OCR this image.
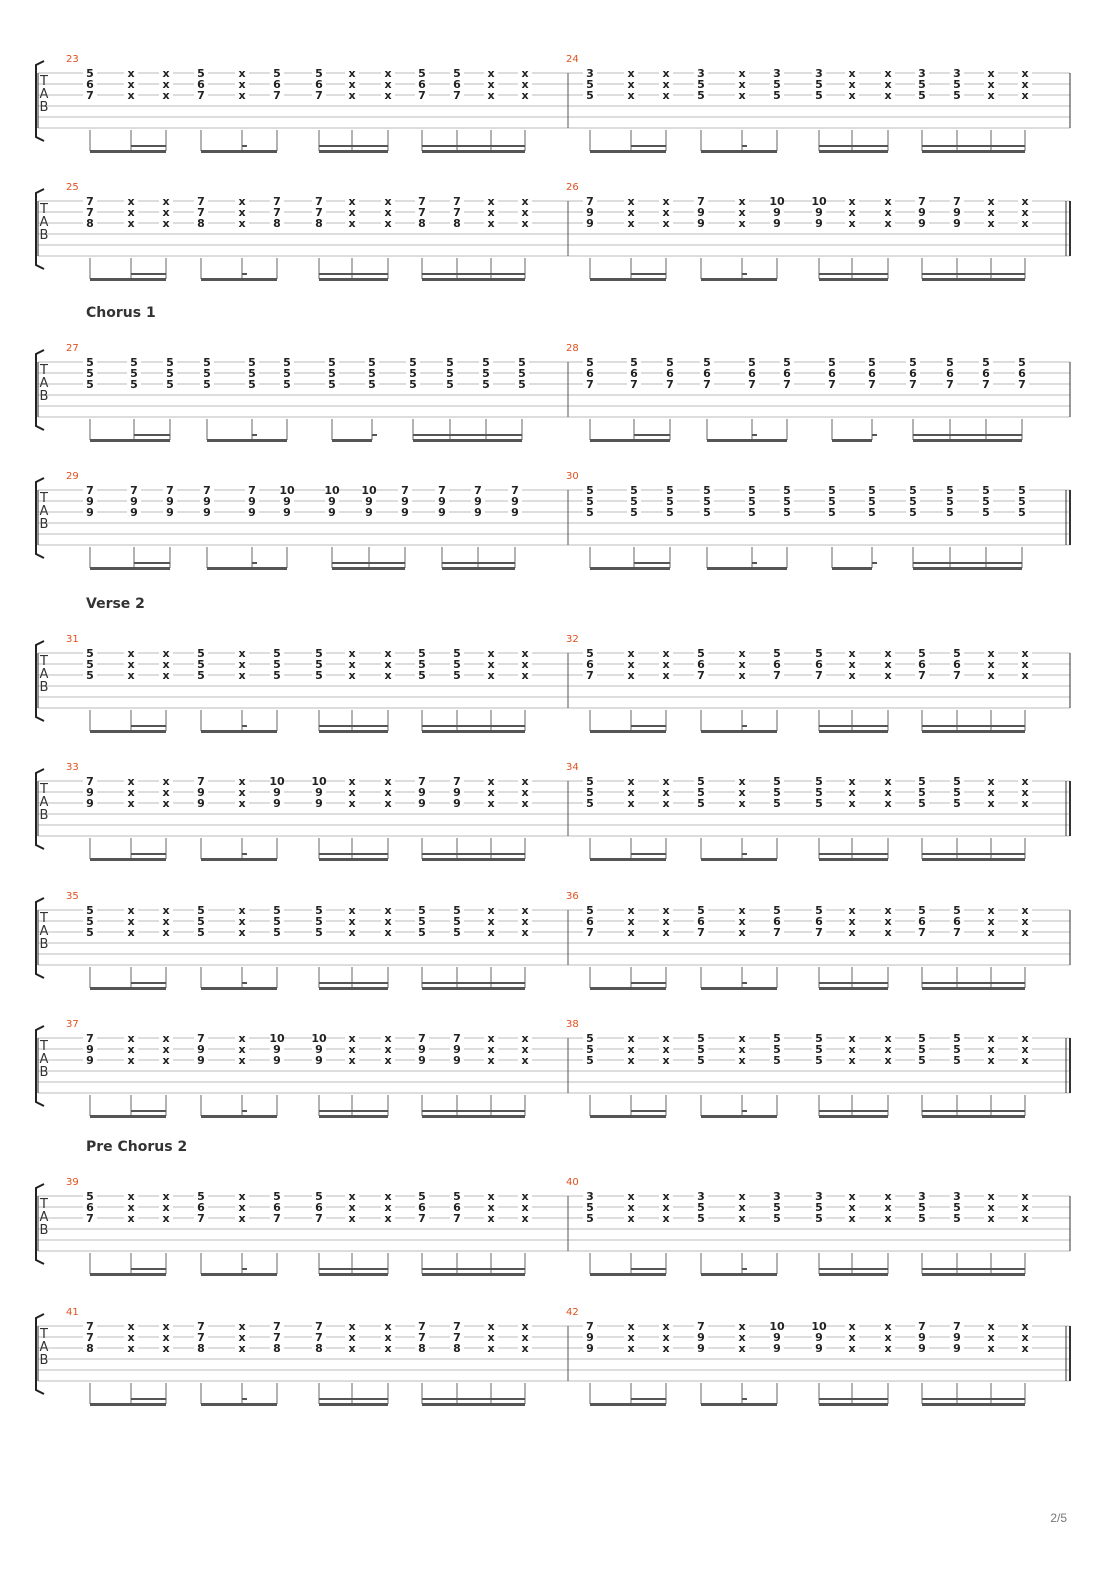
T
A
B
23
5
6
7
x
x
x
x
x
x
5
6
7
x
x
x
5
6
7
5
6
7
x
x
x
x
x
x
5
6
7
5
6
7
x
x
x
x
x
x
24
3
5
5
x
x
x
x
x
x
3
5
5
x
x
x
3
5
5
3
5
5
x
x
x
x
x
x
3
5
5
3
5
5
x
x
x
x
x
x
T
A
B
25
7
7
8
x
x
x
x
x
x
7
7
8
x
x
x
7
7
8
7
7
8
x
x
x
x
x
x
7
7
8
7
7
8
x
x
x
x
x
x
26
7
9
9
x
x
x
x
x
x
7
9
9
x
x
x
10
9
9
10
9
9
x
x
x
x
x
x
7
9
9
7
9
9
x
x
x
x
x
x
Chorus 1
T
A
B
27
5
5
5
5
5
5
5
5
5
5
5
5
5
5
5
5
5
5
5
5
5
5
5
5
5
5
5
5
5
5
5
5
5
5
5
5
28
5
6
7
5
6
7
5
6
7
5
6
7
5
6
7
5
6
7
5
6
7
5
6
7
5
6
7
5
6
7
5
6
7
5
6
7
T
A
B
29
7
9
9
7
9
9
7
9
9
7
9
9
7
9
9
10
9
9
10
9
9
10
9
9
7
9
9
7
9
9
7
9
9
7
9
9
30
5
5
5
5
5
5
5
5
5
5
5
5
5
5
5
5
5
5
5
5
5
5
5
5
5
5
5
5
5
5
5
5
5
5
5
5
Verse 2
T
A
B
31
5
5
5
x
x
x
x
x
x
5
5
5
x
x
x
5
5
5
5
5
5
x
x
x
x
x
x
5
5
5
5
5
5
x
x
x
x
x
x
32
5
6
7
x
x
x
x
x
x
5
6
7
x
x
x
5
6
7
5
6
7
x
x
x
x
x
x
5
6
7
5
6
7
x
x
x
x
x
x
T
A
B
33
7
9
9
x
x
x
x
x
x
7
9
9
x
x
x
10
9
9
10
9
9
x
x
x
x
x
x
7
9
9
7
9
9
x
x
x
x
x
x
34
5
5
5
x
x
x
x
x
x
5
5
5
x
x
x
5
5
5
5
5
5
x
x
x
x
x
x
5
5
5
5
5
5
x
x
x
x
x
x
T
A
B
35
5
5
5
x
x
x
x
x
x
5
5
5
x
x
x
5
5
5
5
5
5
x
x
x
x
x
x
5
5
5
5
5
5
x
x
x
x
x
x
36
5
6
7
x
x
x
x
x
x
5
6
7
x
x
x
5
6
7
5
6
7
x
x
x
x
x
x
5
6
7
5
6
7
x
x
x
x
x
x
T
A
B
37
7
9
9
x
x
x
x
x
x
7
9
9
x
x
x
10
9
9
10
9
9
x
x
x
x
x
x
7
9
9
7
9
9
x
x
x
x
x
x
38
5
5
5
x
x
x
x
x
x
5
5
5
x
x
x
5
5
5
5
5
5
x
x
x
x
x
x
5
5
5
5
5
5
x
x
x
x
x
x
Pre Chorus 2
T
A
B
39
5
6
7
x
x
x
x
x
x
5
6
7
x
x
x
5
6
7
5
6
7
x
x
x
x
x
x
5
6
7
5
6
7
x
x
x
x
x
x
40
3
5
5
x
x
x
x
x
x
3
5
5
x
x
x
3
5
5
3
5
5
x
x
x
x
x
x
3
5
5
3
5
5
x
x
x
x
x
x
T
A
B
41
7
7
8
x
x
x
x
x
x
7
7
8
x
x
x
7
7
8
7
7
8
x
x
x
x
x
x
7
7
8
7
7
8
x
x
x
x
x
x
42
7
9
9
x
x
x
x
x
x
7
9
9
x
x
x
10
9
9
10
9
9
x
x
x
x
x
x
7
9
9
7
9
9
x
x
x
x
x
x
2/5
